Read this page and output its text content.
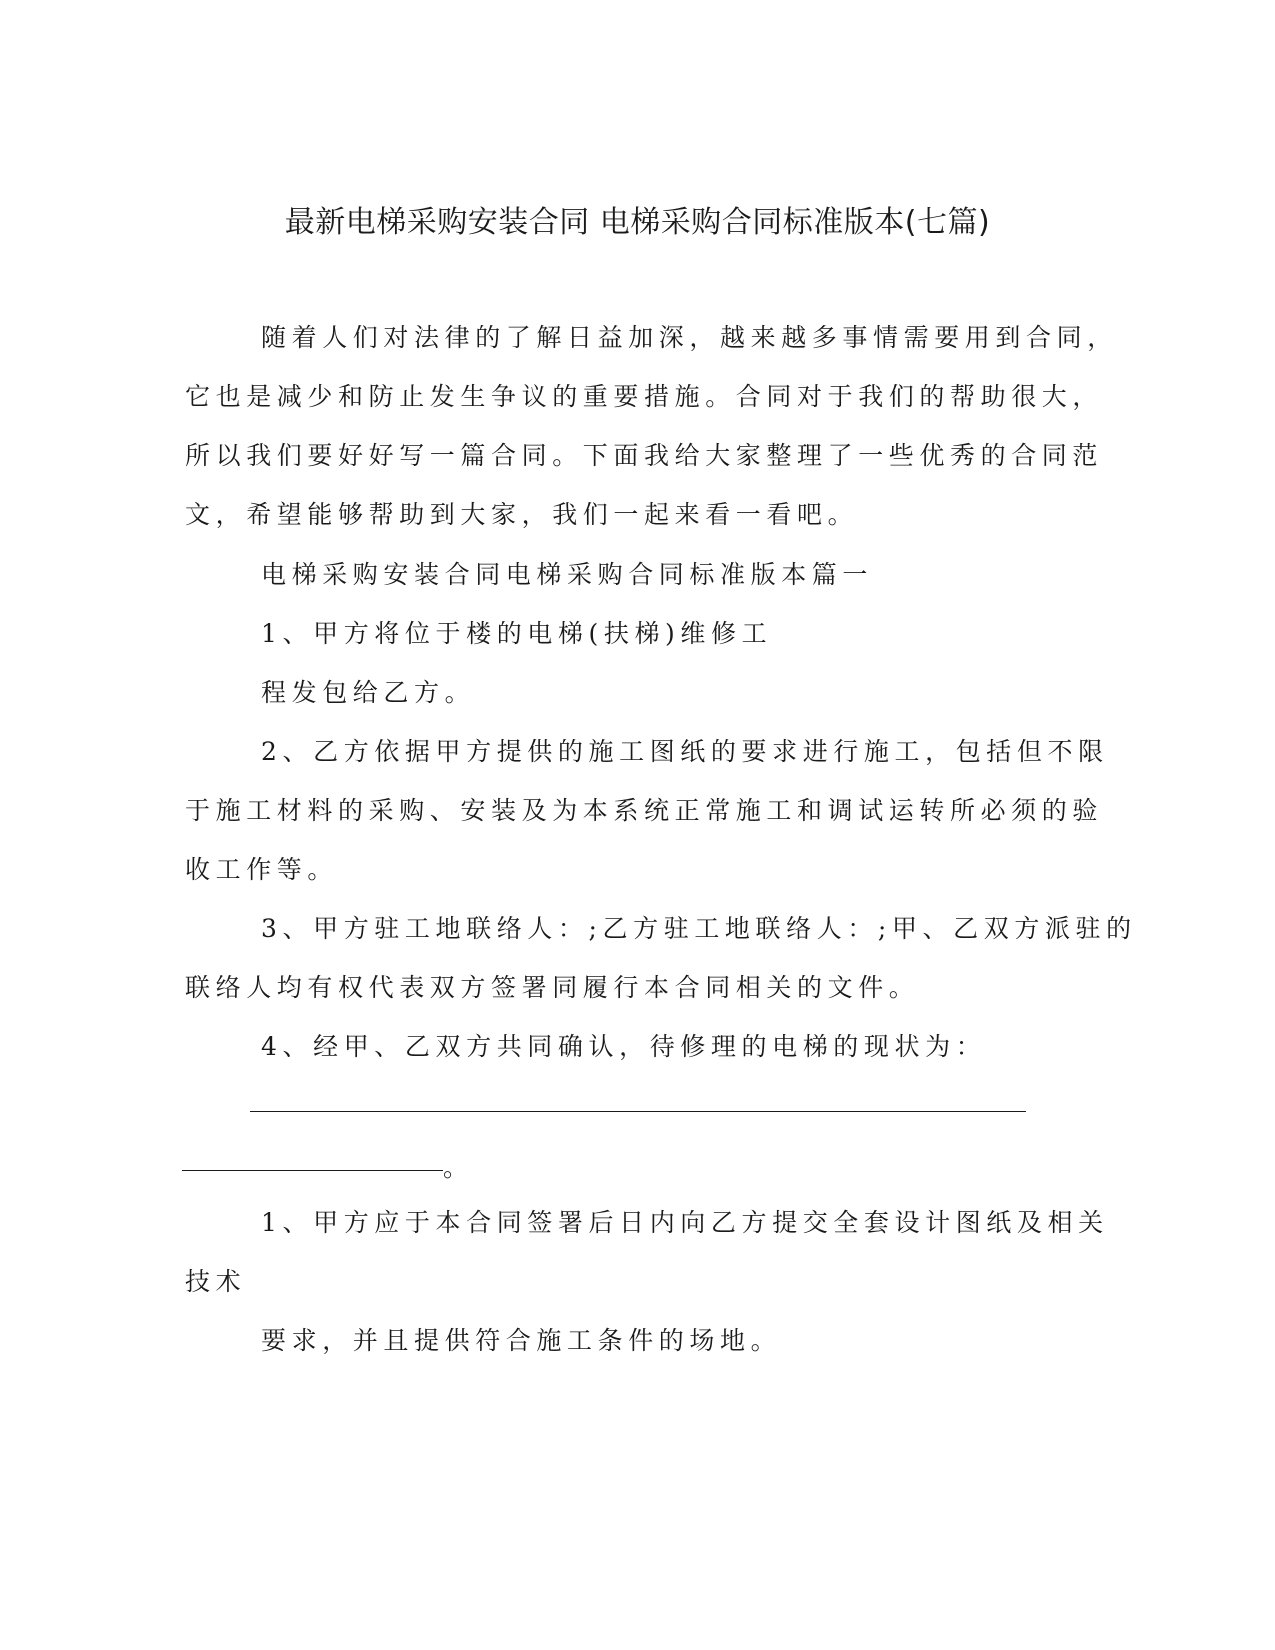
最新电梯采购安装合同 电梯采购合同标准版本(七篇)
随着人们对法律的了解日益加深，越来越多事情需要用到合同，
它也是减少和防止发生争议的重要措施。合同对于我们的帮助很大，
所以我们要好好写一篇合同。下面我给大家整理了一些优秀的合同范
文，希望能够帮助到大家，我们一起来看一看吧。
电梯采购安装合同电梯采购合同标准版本篇一
1、甲方将位于楼的电梯(扶梯)维修工
程发包给乙方。
2、乙方依据甲方提供的施工图纸的要求进行施工，包括但不限
于施工材料的采购、安装及为本系统正常施工和调试运转所必须的验
收工作等。
3、甲方驻工地联络人：;乙方驻工地联络人：;甲、乙双方派驻的
联络人均有权代表双方签署同履行本合同相关的文件。
4、经甲、乙双方共同确认，待修理的电梯的现状为：
。
1、甲方应于本合同签署后日内向乙方提交全套设计图纸及相关
技术
要求，并且提供符合施工条件的场地。
